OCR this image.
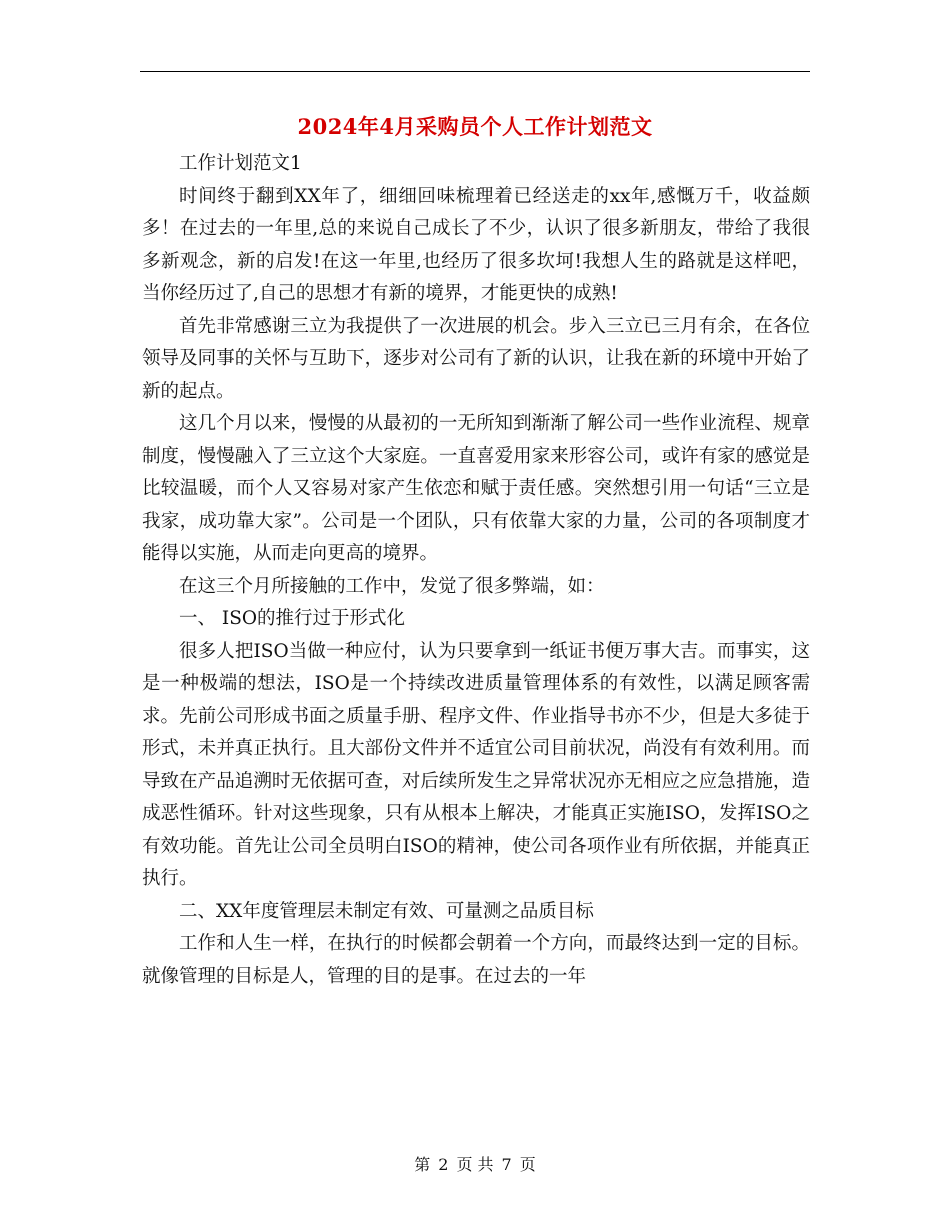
2024年4月采购员个人工作计划范文

工作计划范文1

时间终于翻到XX年了，细细回味梳理着已经送走的xx年,感慨万千，收益颇多！在过去的一年里,总的来说自己成长了不少，认识了很多新朋友，带给了我很多新观念，新的启发!在这一年里,也经历了很多坎坷!我想人生的路就是这样吧，当你经历过了,自己的思想才有新的境界，才能更快的成熟!

首先非常感谢三立为我提供了一次进展的机会。步入三立已三月有余，在各位领导及同事的关怀与互助下，逐步对公司有了新的认识，让我在新的环境中开始了新的起点。

这几个月以来，慢慢的从最初的一无所知到渐渐了解公司一些作业流程、规章制度，慢慢融入了三立这个大家庭。一直喜爱用家来形容公司，或许有家的感觉是比较温暖，而个人又容易对家产生依恋和赋于责任感。突然想引用一句话“三立是我家，成功靠大家”。公司是一个团队，只有依靠大家的力量，公司的各项制度才能得以实施，从而走向更高的境界。

在这三个月所接触的工作中，发觉了很多弊端，如：

一、 ISO的推行过于形式化

很多人把ISO当做一种应付，认为只要拿到一纸证书便万事大吉。而事实，这是一种极端的想法，ISO是一个持续改进质量管理体系的有效性，以满足顾客需求。先前公司形成书面之质量手册、程序文件、作业指导书亦不少，但是大多徒于形式，未并真正执行。且大部份文件并不适宜公司目前状况，尚没有有效利用。而导致在产品追溯时无依据可查，对后续所发生之异常状况亦无相应之应急措施，造成恶性循环。针对这些现象，只有从根本上解决，才能真正实施ISO，发挥ISO之有效功能。首先让公司全员明白ISO的精神，使公司各项作业有所依据，并能真正执行。

二、XX年度管理层未制定有效、可量测之品质目标

工作和人生一样，在执行的时候都会朝着一个方向，而最终达到一定的目标。就像管理的目标是人，管理的目的是事。在过去的一年

第 2 页 共 7 页
